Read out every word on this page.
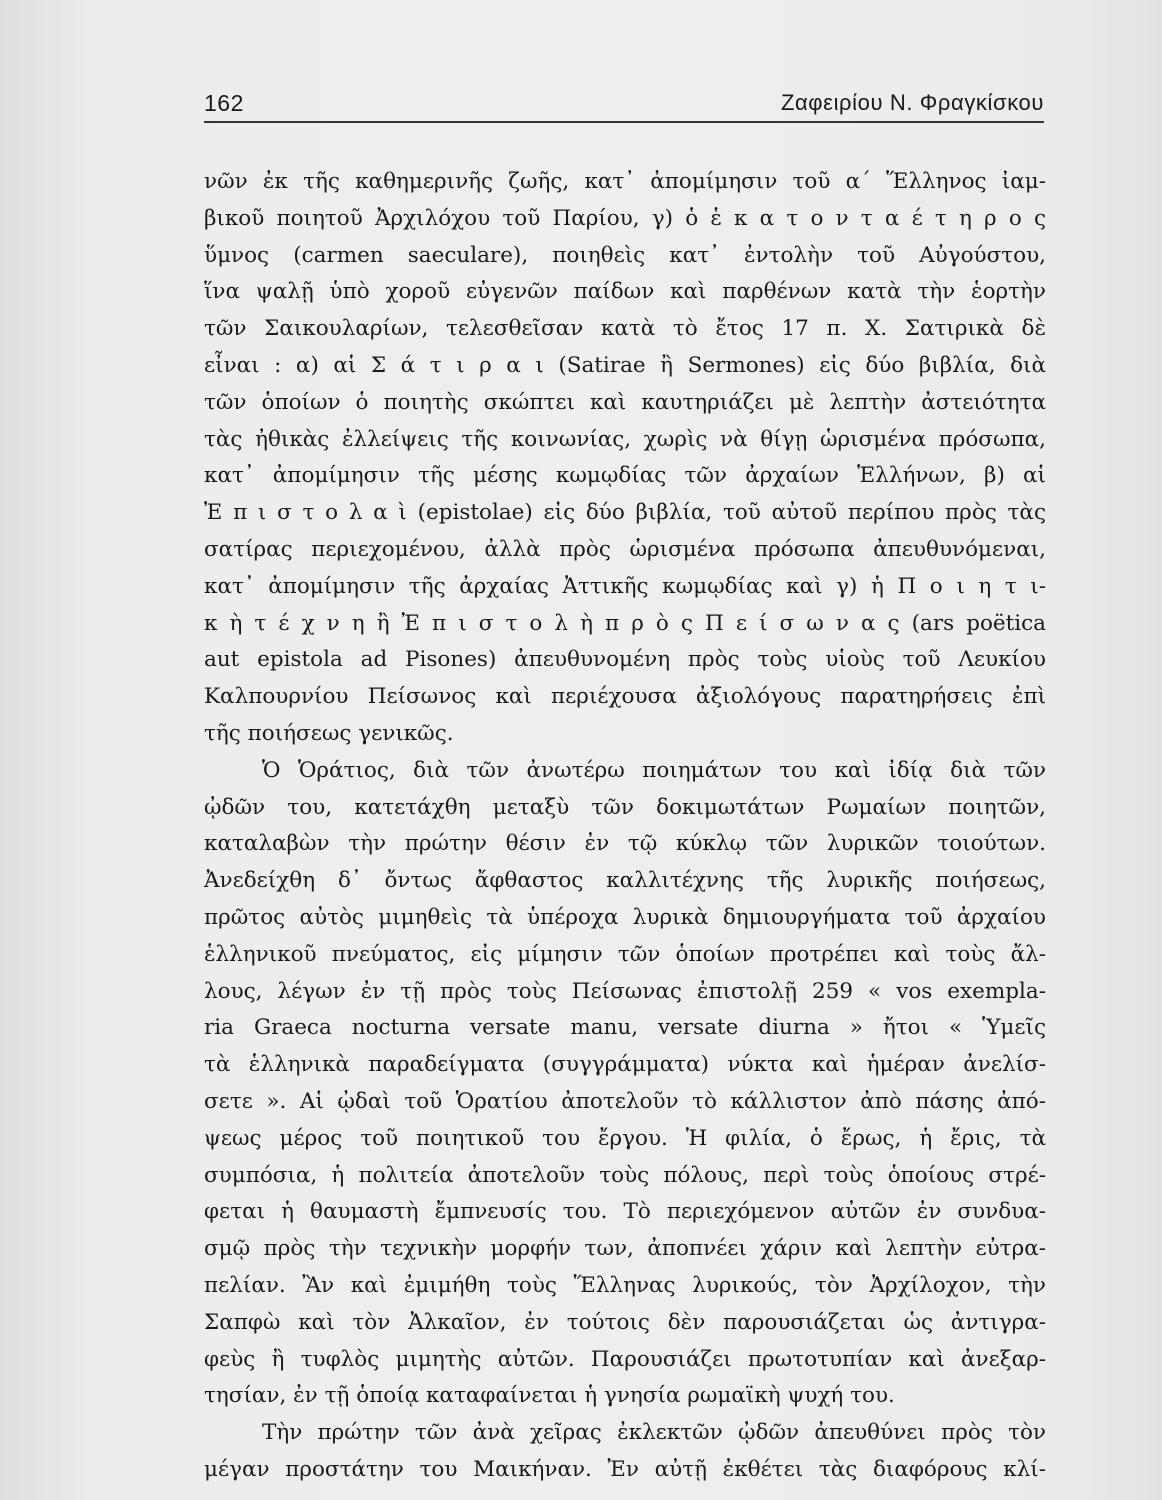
162	Ζαφειρίου Ν. Φραγκίσκου
νῶν ἐκ τῆς καθημερινῆς ζωῆς, κατ᾿ ἀπομίμησιν τοῦ α΄ Ἕλληνος ἰαμ-
βικοῦ ποιητοῦ Ἀρχιλόχου τοῦ Παρίου, γ) ὁ ἑ κ α τ ο ν τ α έ τ η ρ ο ς
ὕμνος (carmen saeculare), ποιηθεὶς κατ᾿ ἐντολὴν τοῦ Αὐγούστου,
ἵνα ψαλῇ ὑπὸ χοροῦ εὐγενῶν παίδων καὶ παρθένων κατὰ τὴν ἑορτὴν
τῶν Σαικουλαρίων, τελεσθεῖσαν κατὰ τὸ ἔτος 17 π. Χ. Σατιρικὰ δὲ
εἶναι : α) αἱ Σ ά τ ι ρ α ι (Satirae ἢ Sermones) εἰς δύο βιβλία, διὰ
τῶν ὁποίων ὁ ποιητὴς σκώπτει καὶ καυτηριάζει μὲ λεπτὴν ἀστειότητα
τὰς ἠθικὰς ἐλλείψεις τῆς κοινωνίας, χωρὶς νὰ θίγῃ ὡρισμένα πρόσωπα,
κατ᾿ ἀπομίμησιν τῆς μέσης κωμῳδίας τῶν ἀρχαίων Ἑλλήνων, β) αἱ
Ἐ π ι σ τ ο λ α ὶ (epistolae) εἰς δύο βιβλία, τοῦ αὐτοῦ περίπου πρὸς τὰς
σατίρας περιεχομένου, ἀλλὰ πρὸς ὡρισμένα πρόσωπα ἀπευθυνόμεναι,
κατ᾿ ἀπομίμησιν τῆς ἀρχαίας Ἀττικῆς κωμῳδίας καὶ γ) ἡ Π ο ι η τ ι-
κ ὴ τ έ χ ν η ἢ Ἐ π ι σ τ ο λ ὴ π ρ ὸ ς Π ε ί σ ω ν α ς (ars poëtica
aut epistola ad Pisones) ἀπευθυνομένη πρὸς τοὺς υἱοὺς τοῦ Λευκίου
Καλπουρνίου Πείσωνος καὶ περιέχουσα ἀξιολόγους παρατηρήσεις ἐπὶ
τῆς ποιήσεως γενικῶς.
Ὁ Ὁράτιος, διὰ τῶν ἀνωτέρω ποιημάτων του καὶ ἰδίᾳ διὰ τῶν
ᾠδῶν του, κατετάχθη μεταξὺ τῶν δοκιμωτάτων Ρωμαίων ποιητῶν,
καταλαβὼν τὴν πρώτην θέσιν ἐν τῷ κύκλῳ τῶν λυρικῶν τοιούτων.
Ἀνεδείχθη δ᾿ ὄντως ἄφθαστος καλλιτέχνης τῆς λυρικῆς ποιήσεως,
πρῶτος αὐτὸς μιμηθεὶς τὰ ὑπέροχα λυρικὰ δημιουργήματα τοῦ ἀρχαίου
ἑλληνικοῦ πνεύματος, εἰς μίμησιν τῶν ὁποίων προτρέπει καὶ τοὺς ἄλ-
λους, λέγων ἐν τῇ πρὸς τοὺς Πείσωνας ἐπιστολῇ 259 « vos exempla-
ria Graeca nocturna versate manu, versate diurna » ἤτοι « Ὑμεῖς
τὰ ἑλληνικὰ παραδείγματα (συγγράμματα) νύκτα καὶ ἡμέραν ἀνελίσ-
σετε ». Αἱ ᾠδαὶ τοῦ Ὁρατίου ἀποτελοῦν τὸ κάλλιστον ἀπὸ πάσης ἀπό-
ψεως μέρος τοῦ ποιητικοῦ του ἔργου. Ἡ φιλία, ὁ ἔρως, ἡ ἔρις, τὰ
συμπόσια, ἡ πολιτεία ἀποτελοῦν τοὺς πόλους, περὶ τοὺς ὁποίους στρέ-
φεται ἡ θαυμαστὴ ἔμπνευσίς του. Τὸ περιεχόμενον αὐτῶν ἐν συνδυα-
σμῷ πρὸς τὴν τεχνικὴν μορφήν των, ἀποπνέει χάριν καὶ λεπτὴν εὐτρα-
πελίαν. Ἂν καὶ ἐμιμήθη τοὺς Ἕλληνας λυρικούς, τὸν Ἀρχίλοχον, τὴν
Σαπφὼ καὶ τὸν Ἀλκαῖον, ἐν τούτοις δὲν παρουσιάζεται ὡς ἀντιγρα-
φεὺς ἢ τυφλὸς μιμητὴς αὐτῶν. Παρουσιάζει πρωτοτυπίαν καὶ ἀνεξαρ-
τησίαν, ἐν τῇ ὁποίᾳ καταφαίνεται ἡ γνησία ρωμαϊκὴ ψυχή του.
Τὴν πρώτην τῶν ἀνὰ χεῖρας ἐκλεκτῶν ᾠδῶν ἀπευθύνει πρὸς τὸν
μέγαν προστάτην του Μαικήναν. Ἐν αὐτῇ ἐκθέτει τὰς διαφόρους κλί-
